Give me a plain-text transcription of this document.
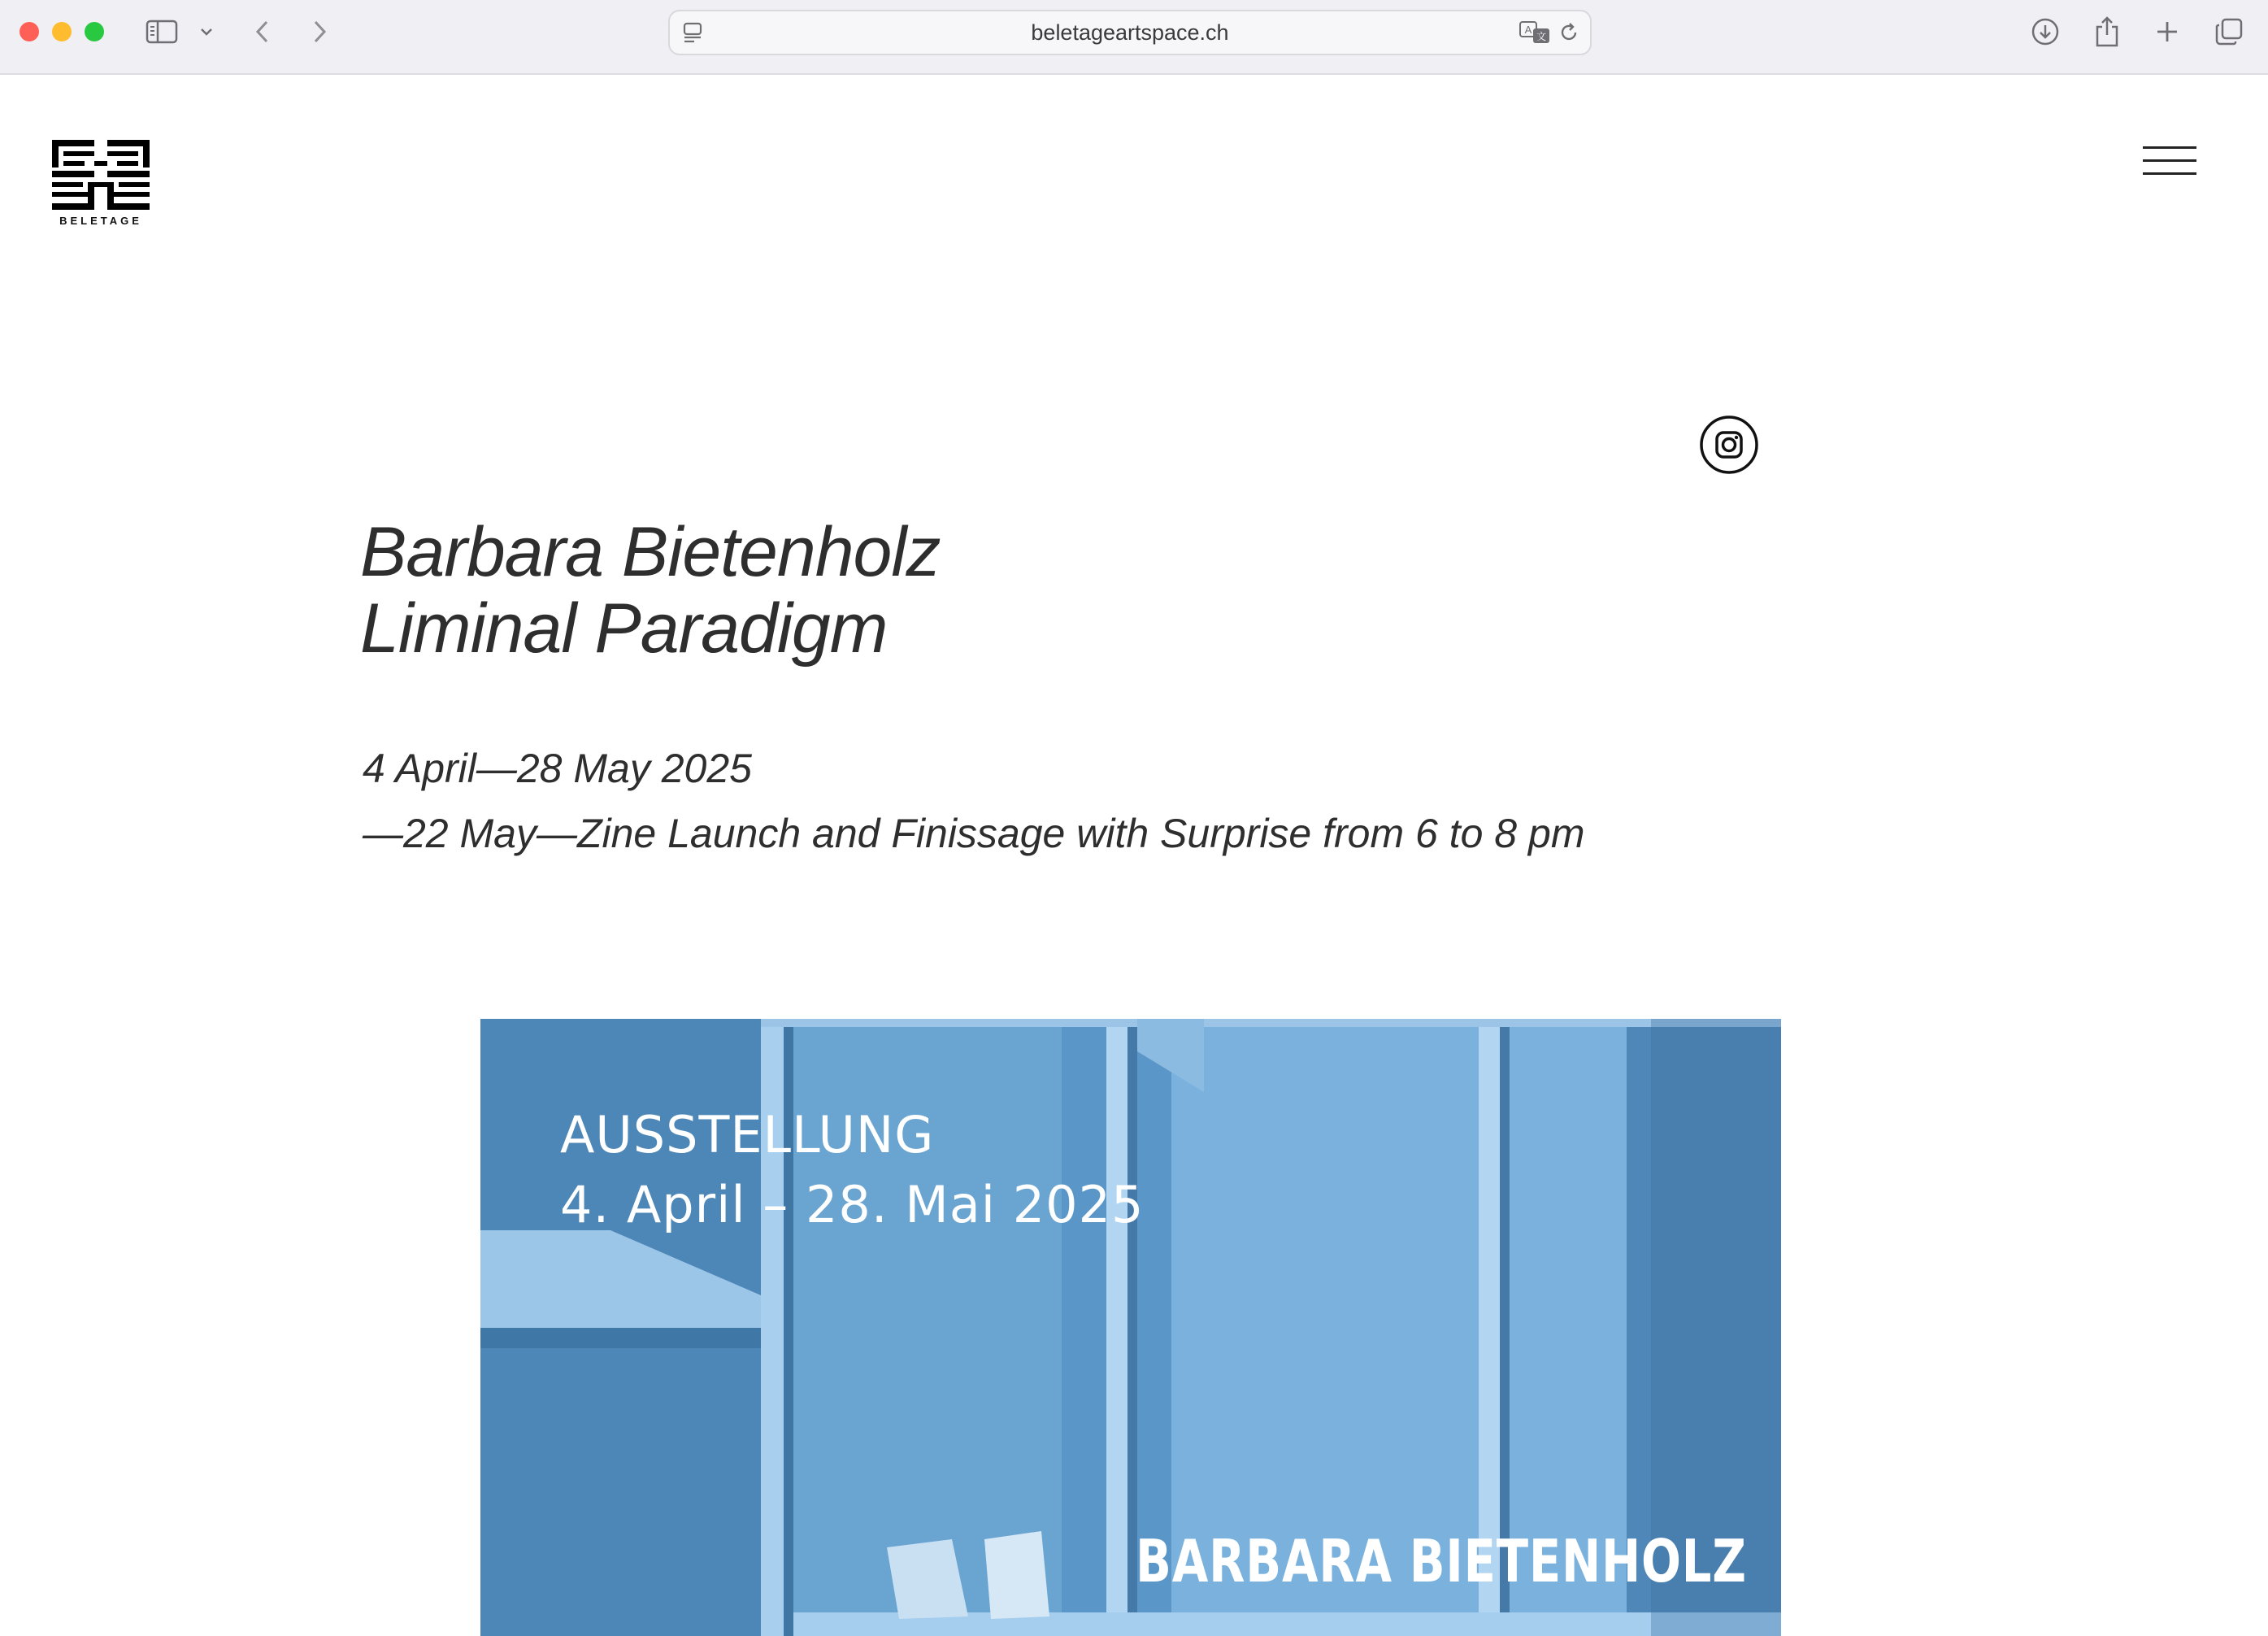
beletageartspace.ch	A
文
BELETAGE
Barbara Bietenholz
Liminal Paradigm
4 April—28 May 2025
—22 May—Zine Launch and Finissage with Surprise from 6 to 8 pm
AUSSTELLUNG
4. April – 28. Mai 2025
BARBARA BIETENHOLZ
